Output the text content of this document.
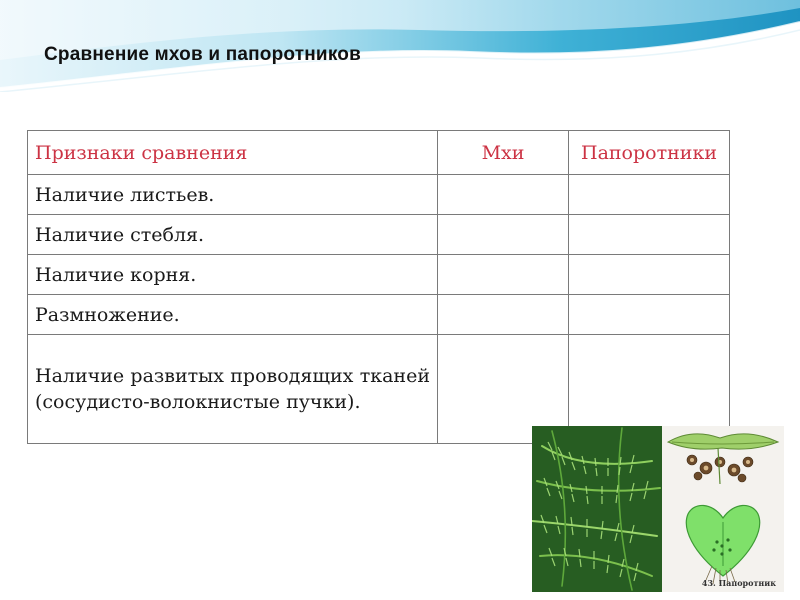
Сравнение мхов и папоротников
Признаки сравнения	Мхи	Папоротники
Наличие листьев.		
Наличие стебля.		
Наличие корня.		
Размножение.		
Наличие развитых проводящих тканей (сосудисто-волокнистые пучки).		
43. Папоротник
